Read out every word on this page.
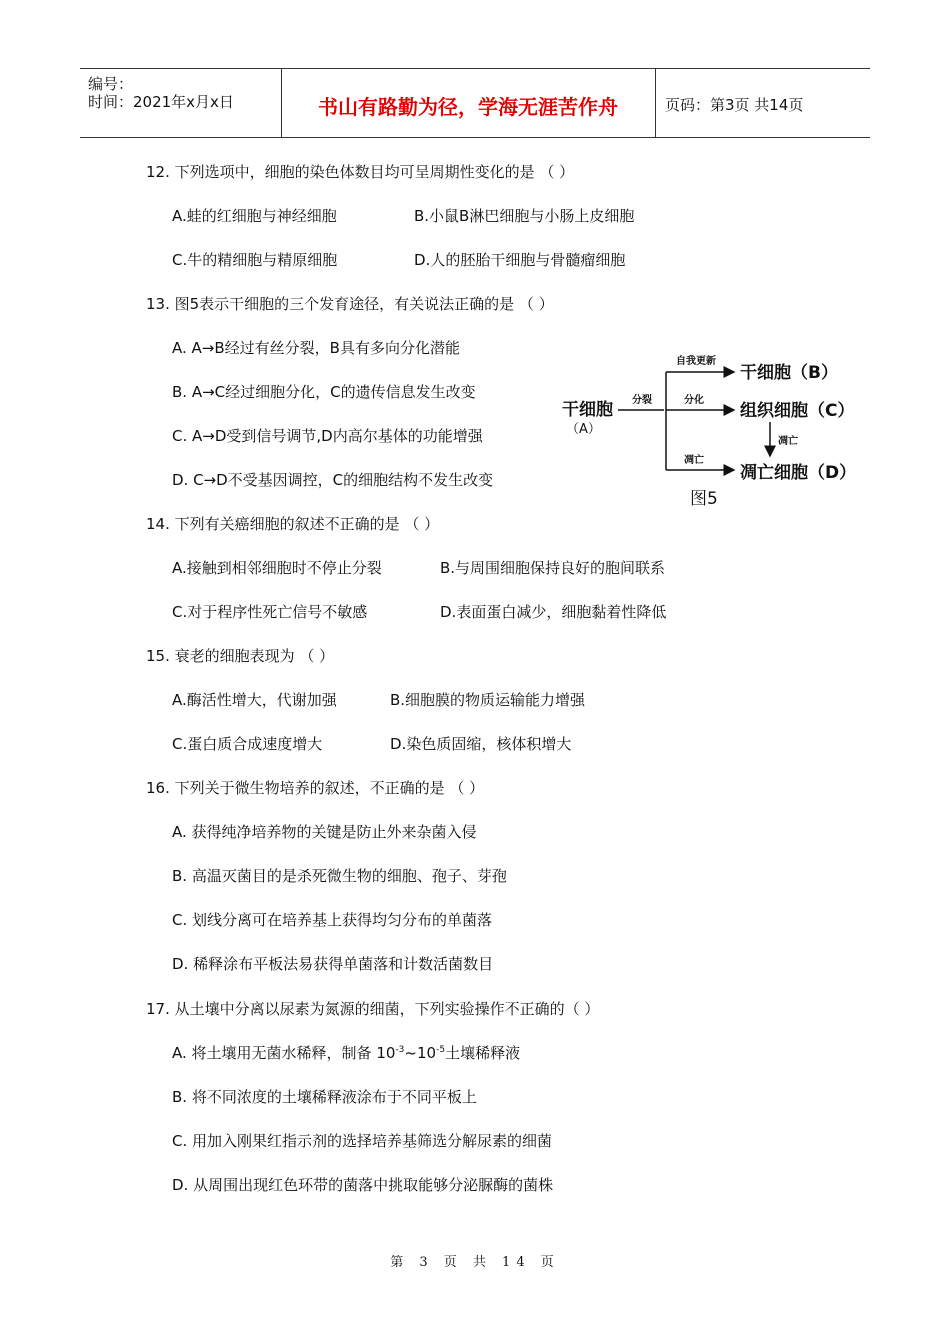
编号：
时间：2021年x月x日	书山有路勤为径，学海无涯苦作舟	页码：第3页 共14页
12. 下列选项中，细胞的染色体数目均可呈周期性变化的是 （ ）
A.蛙的红细胞与神经细胞	B.小鼠B淋巴细胞与小肠上皮细胞
C.牛的精细胞与精原细胞	D.人的胚胎干细胞与骨髓瘤细胞
13. 图5表示干细胞的三个发育途径，有关说法正确的是 （ ）
A. A→B经过有丝分裂，B具有多向分化潜能
B. A→C经过细胞分化，C的遗传信息发生改变
C. A→D受到信号调节,D内高尔基体的功能增强
D. C→D不受基因调控，C的细胞结构不发生改变
干细胞
（A）
分裂
自我更新
分化
凋亡
干细胞（B）
组织细胞（C）
凋亡细胞（D）
凋亡
图5
14. 下列有关癌细胞的叙述不正确的是 （ ）
A.接触到相邻细胞时不停止分裂	B.与周围细胞保持良好的胞间联系
C.对于程序性死亡信号不敏感	D.表面蛋白减少，细胞黏着性降低
15. 衰老的细胞表现为 （ ）
A.酶活性增大，代谢加强	B.细胞膜的物质运输能力增强
C.蛋白质合成速度增大	D.染色质固缩，核体积增大
16. 下列关于微生物培养的叙述，不正确的是 （ ）
A. 获得纯净培养物的关键是防止外来杂菌入侵
B. 高温灭菌目的是杀死微生物的细胞、孢子、芽孢
C. 划线分离可在培养基上获得均匀分布的单菌落
D. 稀释涂布平板法易获得单菌落和计数活菌数目
17. 从土壤中分离以尿素为氮源的细菌，下列实验操作不正确的（ ）
A. 将土壤用无菌水稀释，制备 $10^{-3}\sim 10^{-5}$土壤稀释液
B. 将不同浓度的土壤稀释液涂布于不同平板上
C. 用加入刚果红指示剂的选择培养基筛选分解尿素的细菌
D. 从周围出现红色环带的菌落中挑取能够分泌脲酶的菌株
第 3 页 共 14 页
